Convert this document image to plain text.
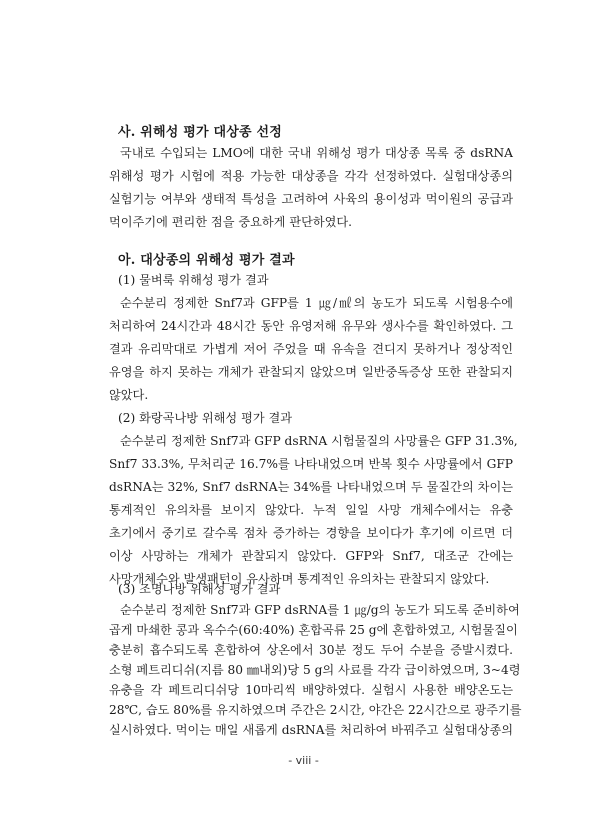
사. 위해성 평가 대상종 선정
국내로 수입되는 LMO에 대한 국내 위해성 평가 대상종 목록 중 dsRNA
위해성 평가 시험에 적용 가능한 대상종을 각각 선정하였다. 실험대상종의
실험기능 여부와 생태적 특성을 고려하여 사육의 용이성과 먹이원의 공급과
먹이주기에 편리한 점을 중요하게 판단하였다.
아. 대상종의 위해성 평가 결과
(1) 물벼룩 위해성 평가 결과
순수분리 정제한 Snf7과 GFP를 1 ㎍/㎖의 농도가 되도록 시험용수에
처리하여 24시간과 48시간 동안 유영저해 유무와 생사수를 확인하였다. 그
결과 유리막대로 가볍게 저어 주었을 때 유속을 견디지 못하거나 정상적인
유영을 하지 못하는 개체가 관찰되지 않았으며 일반중독증상 또한 관찰되지
않았다.
(2) 화랑곡나방 위해성 평가 결과
순수분리 정제한 Snf7과 GFP dsRNA 시험물질의 사망률은 GFP 31.3%,
Snf7 33.3%, 무처리군 16.7%를 나타내었으며 반복 횟수 사망률에서 GFP
dsRNA는 32%, Snf7 dsRNA는 34%를 나타내었으며 두 물질간의 차이는
통계적인 유의차를 보이지 않았다. 누적 일일 사망 개체수에서는 유충
초기에서 중기로 갈수록 점차 증가하는 경향을 보이다가 후기에 이르면 더
이상 사망하는 개체가 관찰되지 않았다. GFP와 Snf7, 대조군 간에는
사망개체수와 발생패턴이 유사하며 통계적인 유의차는 관찰되지 않았다.
(3) 조명나방 위해성 평가 결과
순수분리 정제한 Snf7과 GFP dsRNA를 1 ㎍/g의 농도가 되도록 준비하여
곱게 마쇄한 콩과 옥수수(60:40%) 혼합곡류 25 g에 혼합하였고, 시험물질이
충분히 흡수되도록 혼합하여 상온에서 30분 정도 두어 수분을 증발시켰다.
소형 페트리디쉬(지름 80 ㎜내외)당 5 g의 사료를 각각 급이하였으며, 3~4령
유충을 각 페트리디쉬당 10마리씩 배양하였다. 실험시 사용한 배양온도는
28℃, 습도 80%를 유지하였으며 주간은 2시간, 야간은 22시간으로 광주기를
- viii -
실시하였다. 먹이는 매일 새롭게 dsRNA를 처리하여 바꿔주고 실험대상종의
